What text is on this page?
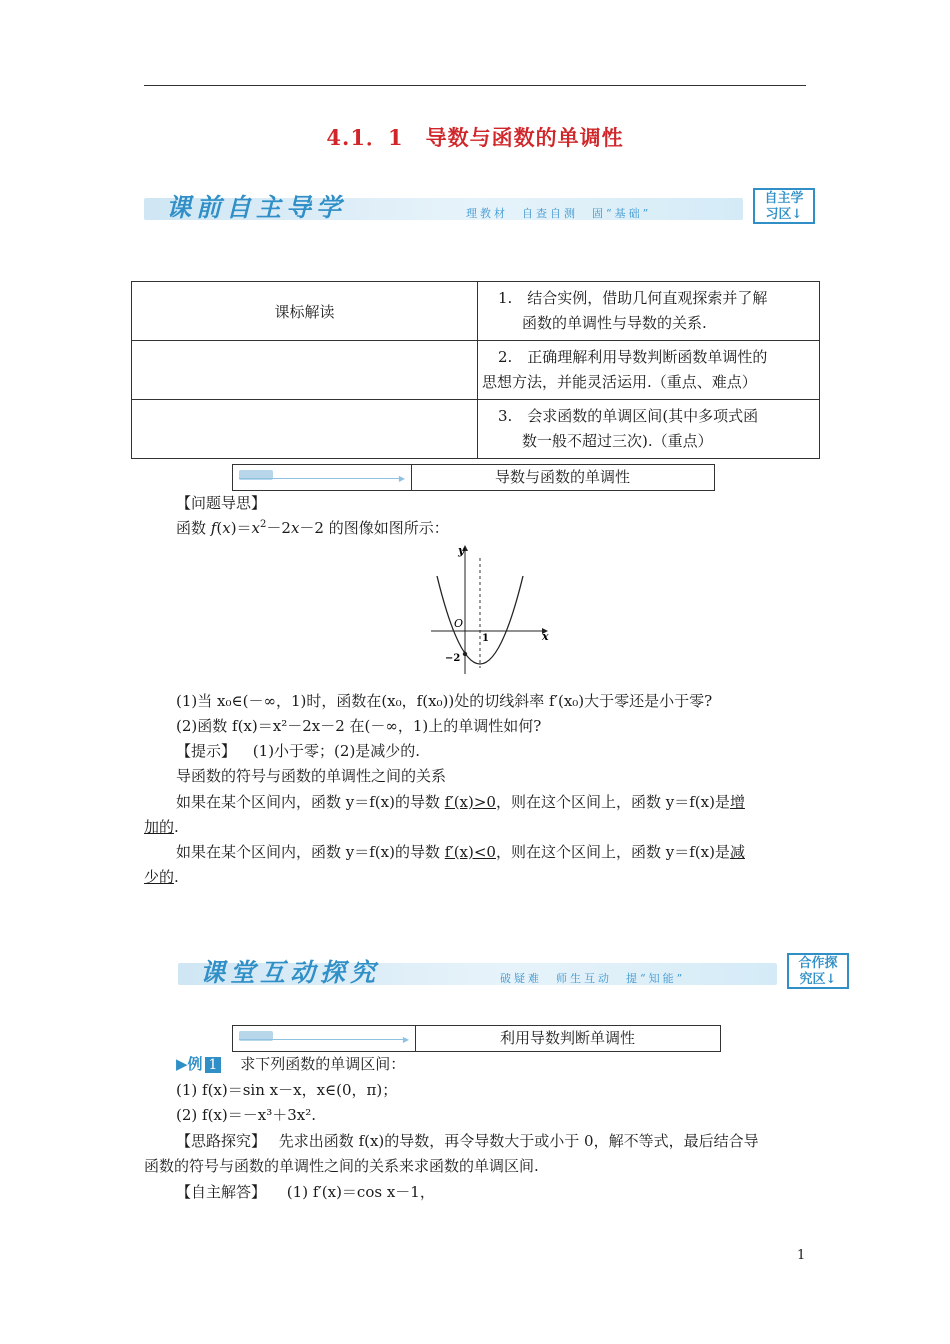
4.1．1　导数与函数的单调性
课前自主导学	理教材　自查自测　固“基础”
自主学
习区↓
课标解读	1.　结合实例，借助几何直观探索并了解
函数的单调性与导数的关系.

	2.　正确理解利用导数判断函数单调性的
思想方法，并能灵活运用.（重点、难点）

	3.　会求函数的单调区间(其中多项式函
数一般不超过三次).（重点）
▶	导数与函数的单调性
【问题导思】
函数 $f(x)=x^2-2x-2$ 的图像如图所示：
y
x
O
1
−2
(1)当 x₀∈(－∞，1)时，函数在(x₀，f(x₀))处的切线斜率 f′(x₀)大于零还是小于零?
(2)函数 f(x)＝x²－2x－2 在(－∞，1)上的单调性如何?
【提示】 (1)小于零；(2)是减少的.
导函数的符号与函数的单调性之间的关系
如果在某个区间内，函数 y＝f(x)的导数 f′(x)>0，则在这个区间上，函数 y＝f(x)是增
加的.
如果在某个区间内，函数 y＝f(x)的导数 f′(x)<0，则在这个区间上，函数 y＝f(x)是减
少的.
课堂互动探究	破疑难　师生互动　提“知能”
合作探
究区↓
▶	利用导数判断单调性
▶例 1 求下列函数的单调区间：
(1) f(x)＝sin x－x，x∈(0，π)；
(2) f(x)＝－x³＋3x².
【思路探究】 先求出函数 f(x)的导数，再令导数大于或小于 0，解不等式，最后结合导
函数的符号与函数的单调性之间的关系来求函数的单调区间.
【自主解答】 (1) f′(x)＝cos x－1，
1
